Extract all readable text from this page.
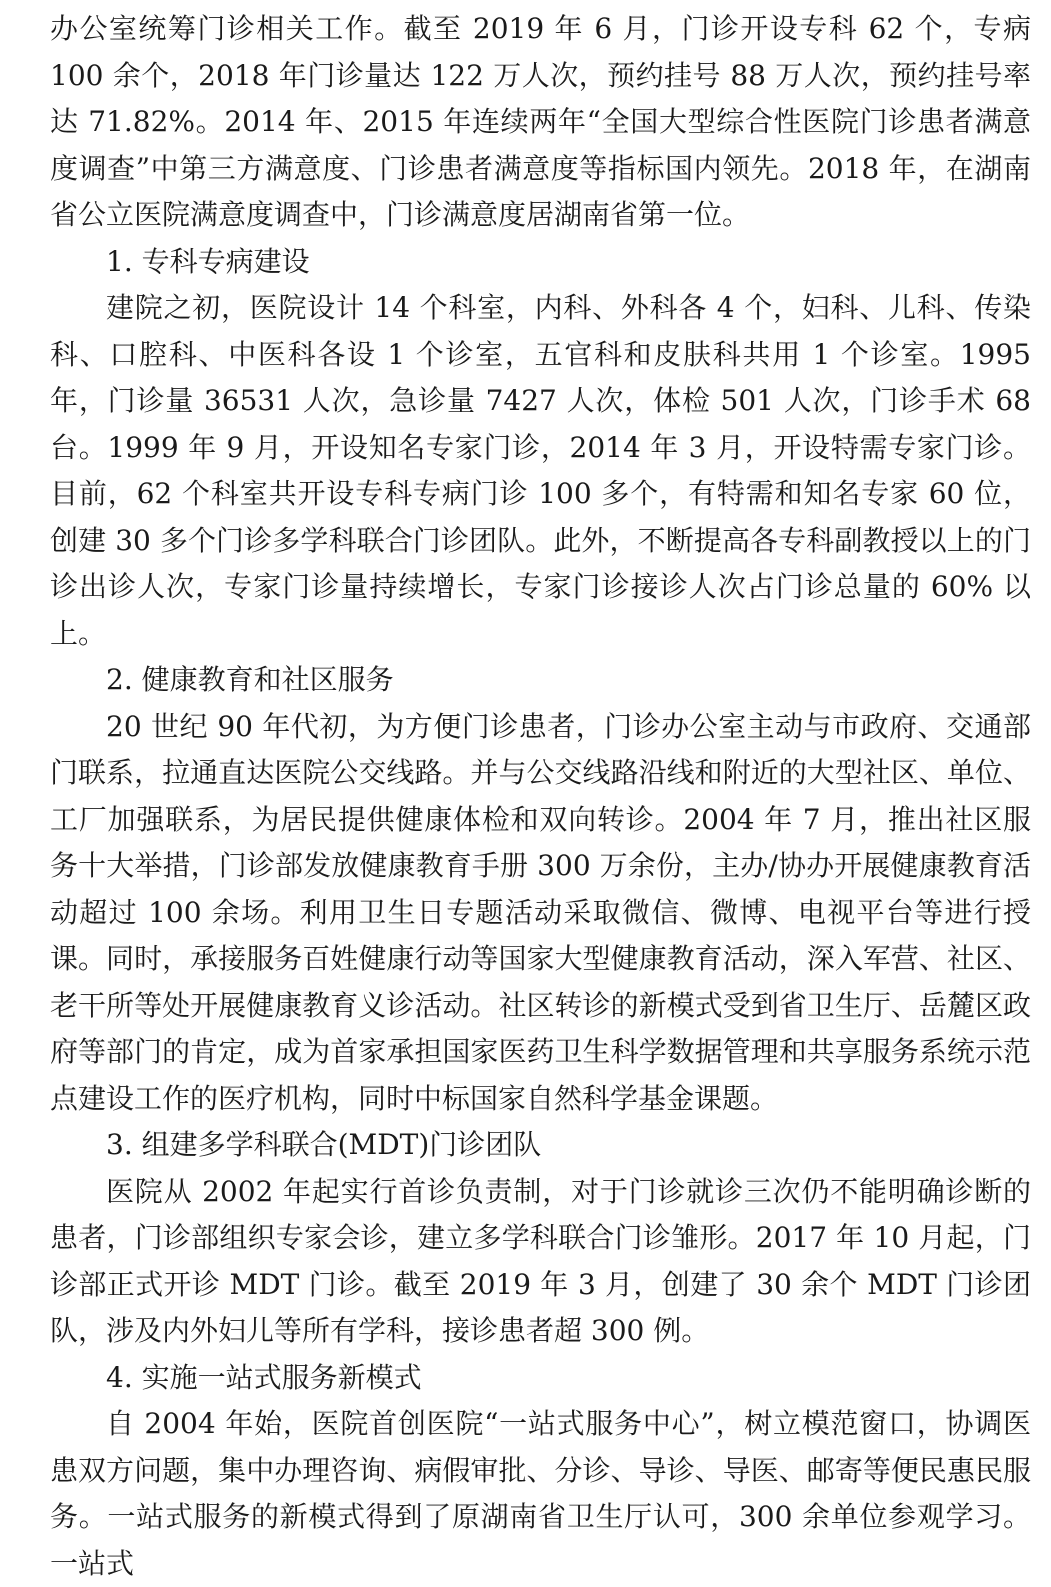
办公室统筹门诊相关工作。截至 2019 年 6 月，门诊开设专科 62 个，专病 100 余个，2018 年门诊量达 122 万人次，预约挂号 88 万人次，预约挂号率达 71.82%。2014 年、2015 年连续两年“全国大型综合性医院门诊患者满意度调查”中第三方满意度、门诊患者满意度等指标国内领先。2018 年，在湖南省公立医院满意度调查中，门诊满意度居湖南省第一位。

1. 专科专病建设

建院之初，医院设计 14 个科室，内科、外科各 4 个，妇科、儿科、传染科、口腔科、中医科各设 1 个诊室，五官科和皮肤科共用 1 个诊室。1995 年，门诊量 36531 人次，急诊量 7427 人次，体检 501 人次，门诊手术 68 台。1999 年 9 月，开设知名专家门诊，2014 年 3 月，开设特需专家门诊。目前，62 个科室共开设专科专病门诊 100 多个，有特需和知名专家 60 位，创建 30 多个门诊多学科联合门诊团队。此外，不断提高各专科副教授以上的门诊出诊人次，专家门诊量持续增长，专家门诊接诊人次占门诊总量的 60% 以上。

2. 健康教育和社区服务

20 世纪 90 年代初，为方便门诊患者，门诊办公室主动与市政府、交通部门联系，拉通直达医院公交线路。并与公交线路沿线和附近的大型社区、单位、工厂加强联系，为居民提供健康体检和双向转诊。2004 年 7 月，推出社区服务十大举措，门诊部发放健康教育手册 300 万余份，主办/协办开展健康教育活动超过 100 余场。利用卫生日专题活动采取微信、微博、电视平台等进行授课。同时，承接服务百姓健康行动等国家大型健康教育活动，深入军营、社区、老干所等处开展健康教育义诊活动。社区转诊的新模式受到省卫生厅、岳麓区政府等部门的肯定，成为首家承担国家医药卫生科学数据管理和共享服务系统示范点建设工作的医疗机构，同时中标国家自然科学基金课题。

3. 组建多学科联合(MDT)门诊团队

医院从 2002 年起实行首诊负责制，对于门诊就诊三次仍不能明确诊断的患者，门诊部组织专家会诊，建立多学科联合门诊雏形。2017 年 10 月起，门诊部正式开诊 MDT 门诊。截至 2019 年 3 月，创建了 30 余个 MDT 门诊团队，涉及内外妇儿等所有学科，接诊患者超 300 例。

4. 实施一站式服务新模式

自 2004 年始，医院首创医院“一站式服务中心”，树立模范窗口，协调医患双方问题，集中办理咨询、病假审批、分诊、导诊、导医、邮寄等便民惠民服务。一站式服务的新模式得到了原湖南省卫生厅认可，300 余单位参观学习。一站式
